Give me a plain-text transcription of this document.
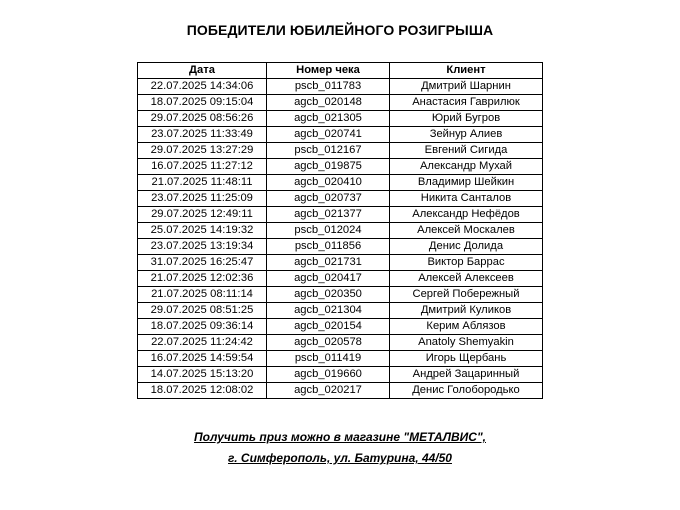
ПОБЕДИТЕЛИ ЮБИЛЕЙНОГО РОЗИГРЫША
Дата	Номер чека	Клиент
22.07.2025 14:34:06	pscb_011783	Дмитрий Шарнин
18.07.2025 09:15:04	agcb_020148	Анастасия Гаврилюк
29.07.2025 08:56:26	agcb_021305	Юрий Бугров
23.07.2025 11:33:49	agcb_020741	Зейнур Алиев
29.07.2025 13:27:29	pscb_012167	Евгений Сигида
16.07.2025 11:27:12	agcb_019875	Александр Мухай
21.07.2025 11:48:11	agcb_020410	Владимир Шейкин
23.07.2025 11:25:09	agcb_020737	Никита Санталов
29.07.2025 12:49:11	agcb_021377	Александр Нефёдов
25.07.2025 14:19:32	pscb_012024	Алексей Москалев
23.07.2025 13:19:34	pscb_011856	Денис Долида
31.07.2025 16:25:47	agcb_021731	Виктор Баррас
21.07.2025 12:02:36	agcb_020417	Алексей Алексеев
21.07.2025 08:11:14	agcb_020350	Сергей Побережный
29.07.2025 08:51:25	agcb_021304	Дмитрий Куликов
18.07.2025 09:36:14	agcb_020154	Керим Аблязов
22.07.2025 11:24:42	agcb_020578	Anatoly Shemyakin
16.07.2025 14:59:54	pscb_011419	Игорь Щербань
14.07.2025 15:13:20	agcb_019660	Андрей Зацаринный
18.07.2025 12:08:02	agcb_020217	Денис Голобородько
Получить приз можно в магазине "МЕТАЛВИС",
г. Симферополь, ул. Батурина, 44/50
